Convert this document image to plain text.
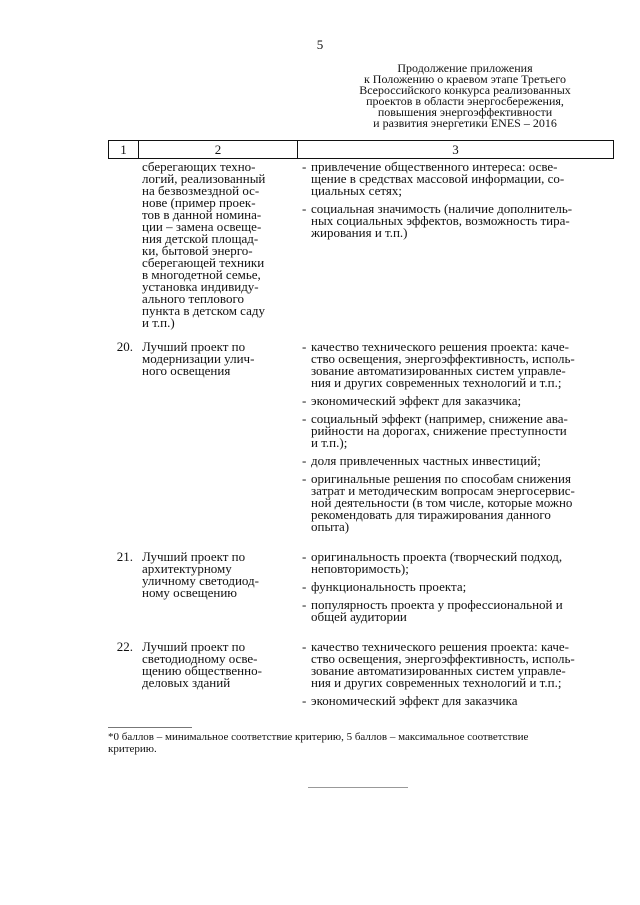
5
Продолжение приложения
к Положению о краевом этапе Третьего
Всероссийского конкурса реализованных
проектов в области энергосбережения,
повышения энергоэффективности
и развития энергетики ENES – 2016
1	2	3
сберегающих техно-
логий, реализованный
на безвозмездной ос-
нове (пример проек-
тов в данной номина-
ции – замена освеще-
ния детской площад-
ки, бытовой энерго-
сберегающей техники
в многодетной семье,
установка индивиду-
ального теплового
пункта в детском саду
и т.п.)
- привлечение общественного интереса: осве-
щение в средствах массовой информации, со-
циальных сетях;
- социальная значимость (наличие дополнитель-
ных социальных эффектов, возможность тира-
жирования и т.п.)
20. Лучший проект по
модернизации улич-
ного освещения
- качество технического решения проекта: каче-
ство освещения, энергоэффективность, исполь-
зование автоматизированных систем управле-
ния и других современных технологий и т.п.;
- экономический эффект для заказчика;
- социальный эффект (например, снижение ава-
рийности на дорогах, снижение преступности
и т.п.);
- доля привлеченных частных инвестиций;
- оригинальные решения по способам снижения
затрат и методическим вопросам энергосервис-
ной деятельности (в том числе, которые можно
рекомендовать для тиражирования данного
опыта)
21. Лучший проект по
архитектурному
уличному светодиод-
ному освещению
- оригинальность проекта (творческий подход,
неповторимость);
- функциональность проекта;
- популярность проекта у профессиональной и
общей аудитории
22. Лучший проект по
светодиодному осве-
щению общественно-
деловых зданий
- качество технического решения проекта: каче-
ство освещения, энергоэффективность, исполь-
зование автоматизированных систем управле-
ния и других современных технологий и т.п.;
- экономический эффект для заказчика
*0 баллов – минимальное соответствие критерию, 5 баллов – максимальное соответствие
критерию.
